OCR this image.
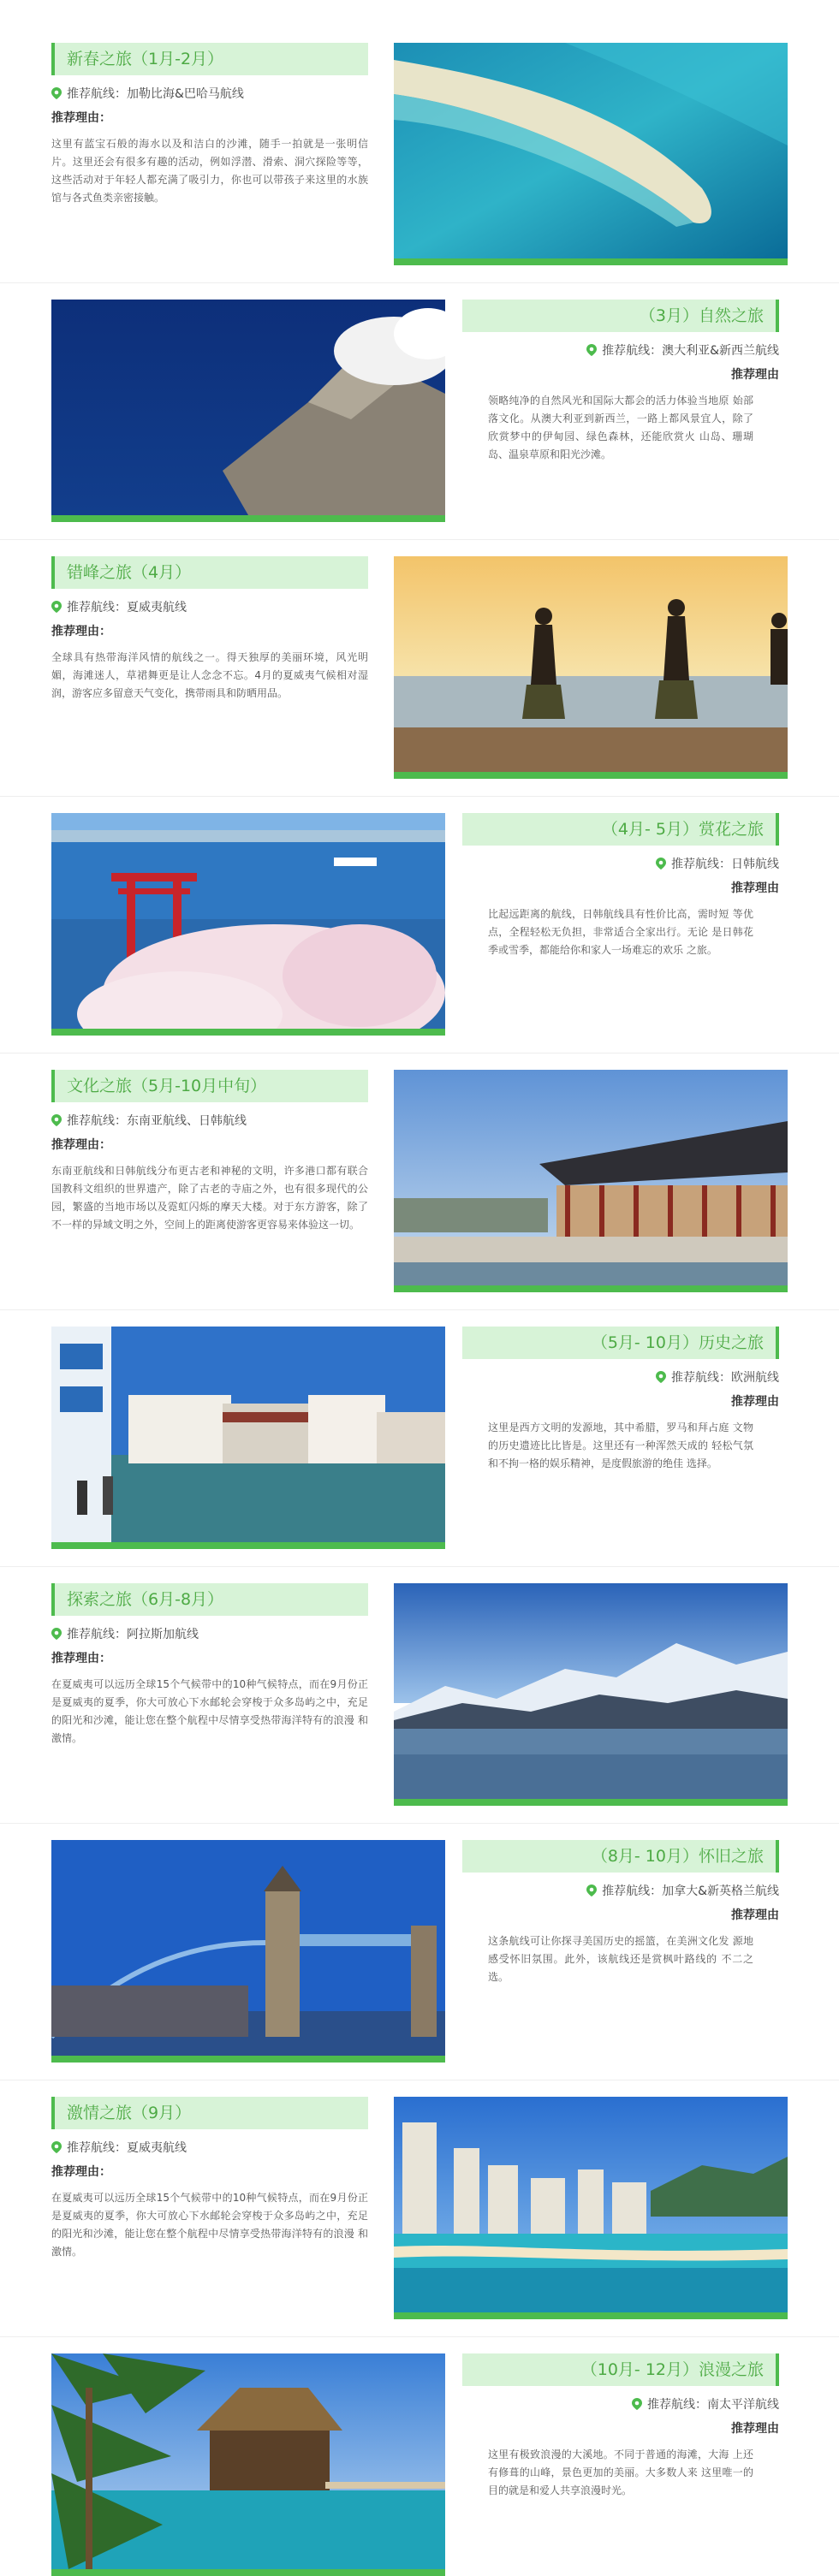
新春之旅（1月-2月）
推荐航线：加勒比海&巴哈马航线
推荐理由：
这里有蓝宝石般的海水以及和洁白的沙滩，随手一拍就是一张明信片。这里还会有很多有趣的活动，例如浮潜、滑索、洞穴探险等等，这些活动对于年轻人都充满了吸引力，你也可以带孩子来这里的水族馆与各式鱼类亲密接触。
（3月）自然之旅
推荐航线：澳大利亚&新西兰航线
推荐理由
领略纯净的自然风光和国际大都会的活力体验当地原 始部落文化。从澳大利亚到新西兰，一路上都风景宜人，除了欣赏梦中的伊甸园、绿色森林，还能欣赏火 山岛、珊瑚岛、温泉草原和阳光沙滩。
错峰之旅（4月）
推荐航线：夏威夷航线
推荐理由：
全球具有热带海洋风情的航线之一。得天独厚的美丽环境，风光明媚，海滩迷人，草裙舞更是让人念念不忘。4月的夏威夷气候相对湿润，游客应多留意天气变化，携带雨具和防晒用品。
（4月- 5月）赏花之旅
推荐航线：日韩航线
推荐理由
比起远距离的航线，日韩航线具有性价比高，需时短 等优点，全程轻松无负担，非常适合全家出行。无论 是日韩花季或雪季，都能给你和家人一场难忘的欢乐 之旅。
文化之旅（5月-10月中旬）
推荐航线：东南亚航线、日韩航线
推荐理由：
东南亚航线和日韩航线分布更古老和神秘的文明，许多港口都有联合国教科文组织的世界遗产，除了古老的寺庙之外，也有很多现代的公园，繁盛的当地市场以及霓虹闪烁的摩天大楼。对于东方游客，除了不一样的异域文明之外，空间上的距离使游客更容易来体验这一切。
（5月- 10月）历史之旅
推荐航线：欧洲航线
推荐理由
这里是西方文明的发源地，其中希腊，罗马和拜占庭 文物的历史遗迹比比皆是。这里还有一种浑然天成的 轻松气氛和不拘一格的娱乐精神，是度假旅游的绝佳 选择。
探索之旅（6月-8月）
推荐航线：阿拉斯加航线
推荐理由：
在夏威夷可以远历全球15个气候带中的10种气候特点，而在9月份正是夏威夷的夏季，你大可放心下水邮轮会穿梭于众多岛屿之中，充足的阳光和沙滩，能让您在整个航程中尽情享受热带海洋特有的浪漫 和激情。
（8月- 10月）怀旧之旅
推荐航线：加拿大&新英格兰航线
推荐理由
这条航线可让你探寻美国历史的摇篮，在美洲文化发 源地感受怀旧氛围。此外，该航线还是赏枫叶路线的 不二之选。
激情之旅（9月）
推荐航线：夏威夷航线
推荐理由：
在夏威夷可以远历全球15个气候带中的10种气候特点，而在9月份正是夏威夷的夏季，你大可放心下水邮轮会穿梭于众多岛屿之中，充足的阳光和沙滩，能让您在整个航程中尽情享受热带海洋特有的浪漫 和激情。
（10月- 12月）浪漫之旅
推荐航线：南太平洋航线
推荐理由
这里有极致浪漫的大溪地。不同于普通的海滩，大海 上还有修葺的山峰，景色更加的美丽。大多数人来 这里唯一的目的就是和爱人共享浪漫时光。
